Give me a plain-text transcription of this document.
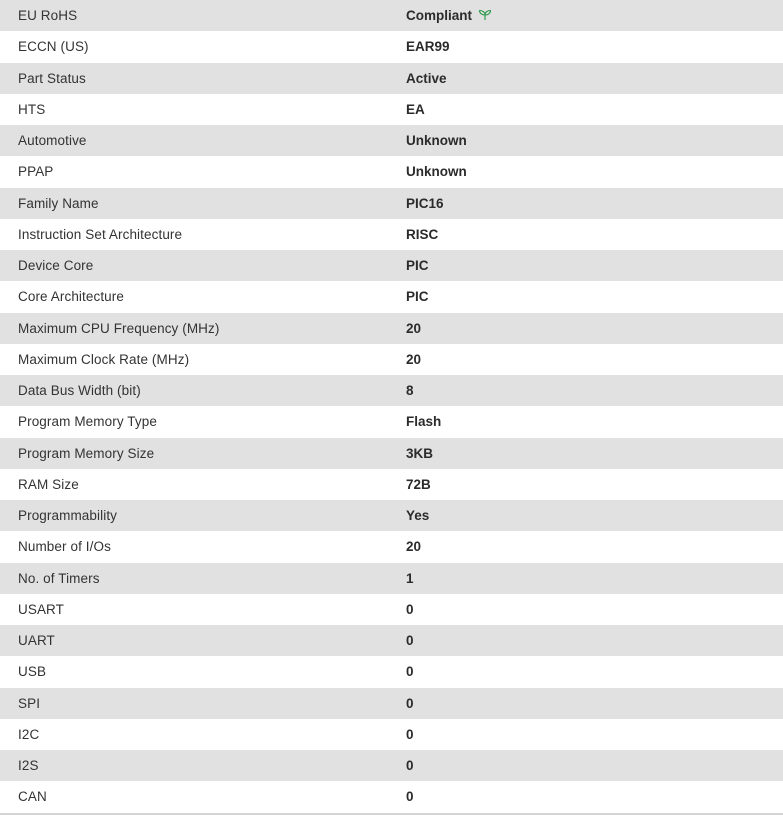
EU RoHS	Compliant
ECCN (US)	EAR99
Part Status	Active
HTS	EA
Automotive	Unknown
PPAP	Unknown
Family Name	PIC16
Instruction Set Architecture	RISC
Device Core	PIC
Core Architecture	PIC
Maximum CPU Frequency (MHz)	20
Maximum Clock Rate (MHz)	20
Data Bus Width (bit)	8
Program Memory Type	Flash
Program Memory Size	3KB
RAM Size	72B
Programmability	Yes
Number of I/Os	20
No. of Timers	1
USART	0
UART	0
USB	0
SPI	0
I2C	0
I2S	0
CAN	0
